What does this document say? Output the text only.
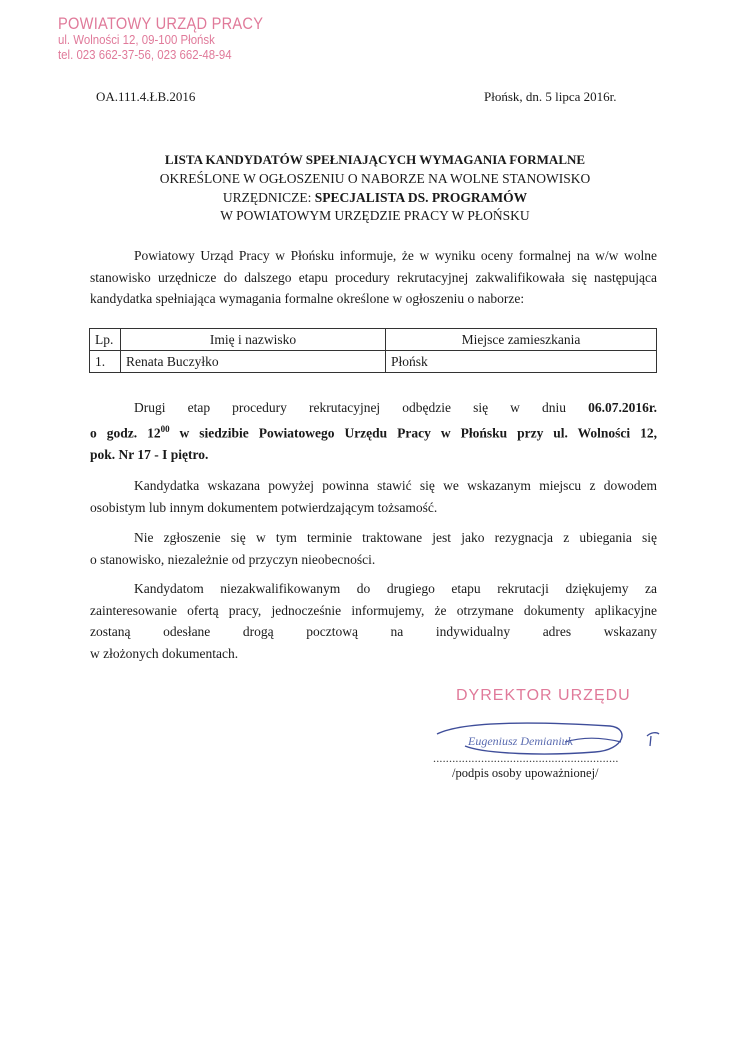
POWIATOWY URZĄD PRACY
ul. Wolności 12, 09-100 Płońsk
tel. 023 662-37-56, 023 662-48-94
OA.111.4.ŁB.2016	Płońsk, dn. 5 lipca 2016r.
LISTA KANDYDATÓW SPEŁNIAJĄCYCH WYMAGANIA FORMALNE
OKREŚLONE W OGŁOSZENIU O NABORZE NA WOLNE STANOWISKO
URZĘDNICZE: SPECJALISTA DS. PROGRAMÓW
W POWIATOWYM URZĘDZIE PRACY W PŁOŃSKU
Powiatowy Urząd Pracy w Płońsku informuje, że w wyniku oceny formalnej na w/w wolne stanowisko urzędnicze do dalszego etapu procedury rekrutacyjnej zakwalifikowała się następująca kandydatka spełniająca wymagania formalne określone w ogłoszeniu o naborze:
Lp.	Imię i nazwisko	Miejsce zamieszkania
1.	Renata Buczyłko	Płońsk
Drugi etap procedury rekrutacyjnej odbędzie się w dniu 06.07.2016r.
o godz. $12^{00}$ w siedzibie Powiatowego Urzędu Pracy w Płońsku przy ul. Wolności 12,
pok. Nr 17 - I piętro.
Kandydatka wskazana powyżej powinna stawić się we wskazanym miejscu z dowodem
osobistym lub innym dokumentem potwierdzającym tożsamość.
Nie zgłoszenie się w tym terminie traktowane jest jako rezygnacja z ubiegania się
o stanowisko, niezależnie od przyczyn nieobecności.
Kandydatom niezakwalifikowanym do drugiego etapu rekrutacji dziękujemy za
zainteresowanie ofertą pracy, jednocześnie informujemy, że otrzymane dokumenty aplikacyjne
zostaną odesłane drogą pocztową na indywidualny adres wskazany
w złożonych dokumentach.
DYREKTOR URZĘDU
Eugeniusz Demianiuk
..........................................................
/podpis osoby upoważnionej/
